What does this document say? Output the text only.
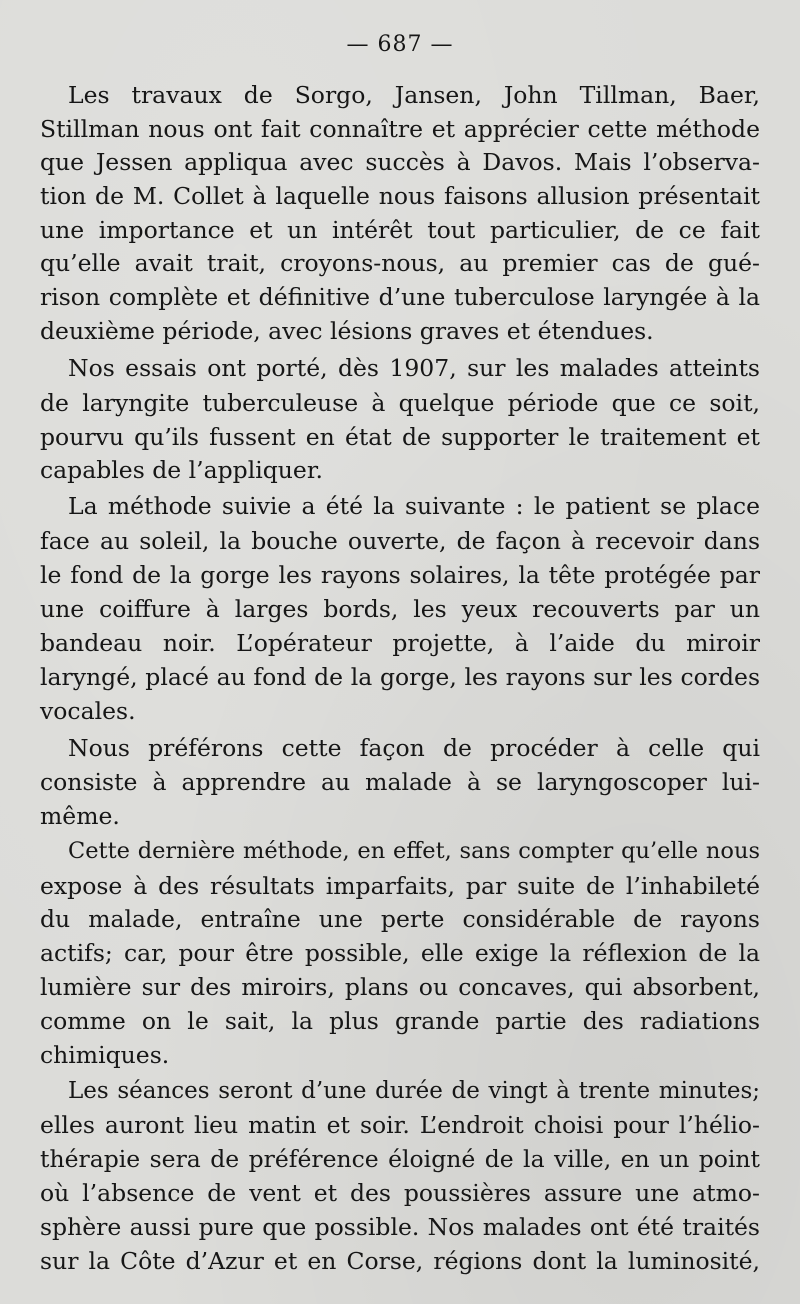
— 687 —
Les travaux de Sorgo, Jansen, John Tillman, Baer,
Stillman nous ont fait connaître et apprécier cette méthode
que Jessen appliqua avec succès à Davos. Mais l’observa-
tion de M. Collet à laquelle nous faisons allusion présentait
une importance et un intérêt tout particulier, de ce fait
qu’elle avait trait, croyons-nous, au premier cas de gué-
rison complète et définitive d’une tuberculose laryngée à la
deuxième période, avec lésions graves et étendues.
Nos essais ont porté, dès 1907, sur les malades atteints
de laryngite tuberculeuse à quelque période que ce soit,
pourvu qu’ils fussent en état de supporter le traitement et
capables de l’appliquer.
La méthode suivie a été la suivante : le patient se place
face au soleil, la bouche ouverte, de façon à recevoir dans
le fond de la gorge les rayons solaires, la tête protégée par
une coiffure à larges bords, les yeux recouverts par un
bandeau noir. L’opérateur projette, à l’aide du miroir
laryngé, placé au fond de la gorge, les rayons sur les cordes
vocales.
Nous préférons cette façon de procéder à celle qui
consiste à apprendre au malade à se laryngoscoper lui-
même.
Cette dernière méthode, en effet, sans compter qu’elle nous
expose à des résultats imparfaits, par suite de l’inhabileté
du malade, entraîne une perte considérable de rayons
actifs; car, pour être possible, elle exige la réflexion de la
lumière sur des miroirs, plans ou concaves, qui absorbent,
comme on le sait, la plus grande partie des radiations
chimiques.
Les séances seront d’une durée de vingt à trente minutes;
elles auront lieu matin et soir. L’endroit choisi pour l’hélio-
thérapie sera de préférence éloigné de la ville, en un point
où l’absence de vent et des poussières assure une atmo-
sphère aussi pure que possible. Nos malades ont été traités
sur la Côte d’Azur et en Corse, régions dont la luminosité,
